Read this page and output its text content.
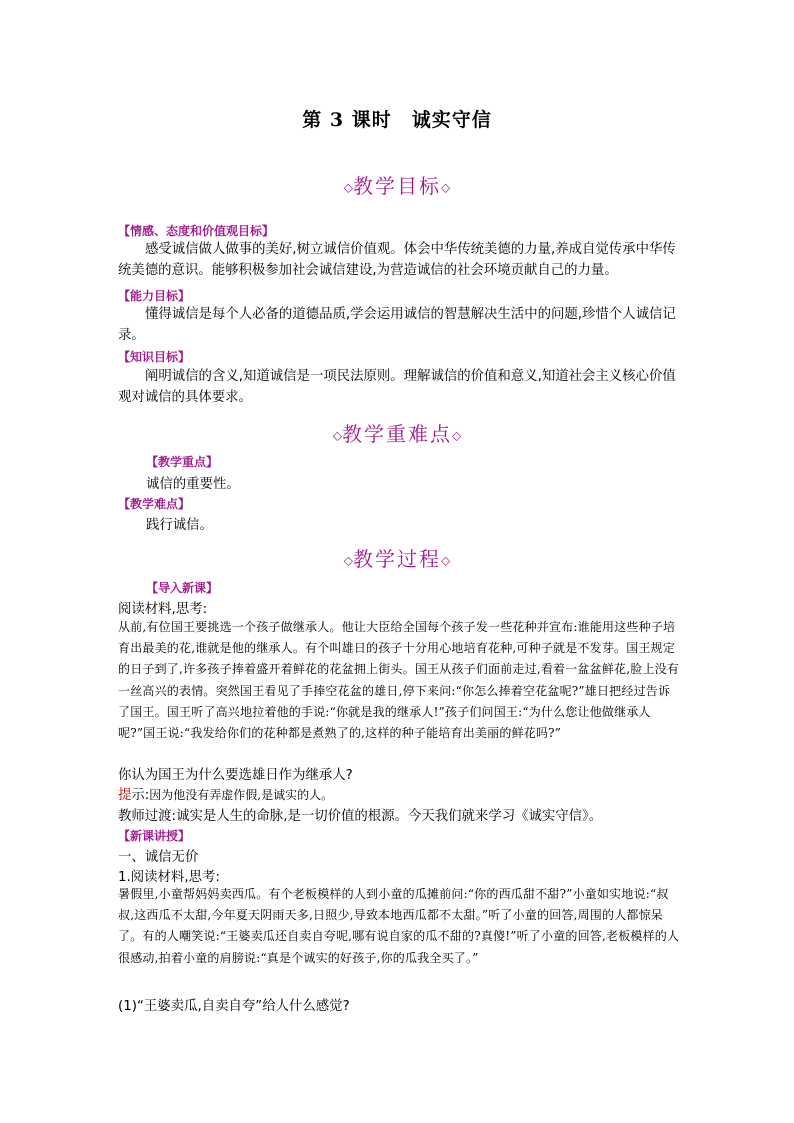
第 3 课时　诚实守信
◇教学目标◇
【情感、态度和价值观目标】
感受诚信做人做事的美好,树立诚信价值观。体会中华传统美德的力量,养成自觉传承中华传统美德的意识。能够积极参加社会诚信建设,为营造诚信的社会环境贡献自己的力量。
【能力目标】
懂得诚信是每个人必备的道德品质,学会运用诚信的智慧解决生活中的问题,珍惜个人诚信记录。
【知识目标】
阐明诚信的含义,知道诚信是一项民法原则。理解诚信的价值和意义,知道社会主义核心价值观对诚信的具体要求。
◇教学重难点◇
【教学重点】
诚信的重要性。
【教学难点】
践行诚信。
◇教学过程◇
【导入新课】
阅读材料,思考:
从前,有位国王要挑选一个孩子做继承人。他让大臣给全国每个孩子发一些花种并宣布:谁能用这些种子培育出最美的花,谁就是他的继承人。有个叫雄日的孩子十分用心地培育花种,可种子就是不发芽。国王规定的日子到了,许多孩子捧着盛开着鲜花的花盆拥上街头。国王从孩子们面前走过,看着一盆盆鲜花,脸上没有一丝高兴的表情。突然国王看见了手捧空花盆的雄日,停下来问:“你怎么捧着空花盆呢?”雄日把经过告诉了国王。国王听了高兴地拉着他的手说:“你就是我的继承人!”孩子们问国王:“为什么您让他做继承人呢?”国王说:“我发给你们的花种都是煮熟了的,这样的种子能培育出美丽的鲜花吗?”
你认为国王为什么要选雄日作为继承人?
提示:因为他没有弄虚作假,是诚实的人。
教师过渡:诚实是人生的命脉,是一切价值的根源。今天我们就来学习《诚实守信》。
【新课讲授】
一、诚信无价
1.阅读材料,思考:
暑假里,小童帮妈妈卖西瓜。有个老板模样的人到小童的瓜摊前问:“你的西瓜甜不甜?”小童如实地说:“叔叔,这西瓜不太甜,今年夏天阴雨天多,日照少,导致本地西瓜都不太甜。”听了小童的回答,周围的人都惊呆了。有的人嘲笑说:“王婆卖瓜还自卖自夸呢,哪有说自家的瓜不甜的?真傻!”听了小童的回答,老板模样的人很感动,拍着小童的肩膀说:“真是个诚实的好孩子,你的瓜我全买了。”
(1)“王婆卖瓜,自卖自夸”给人什么感觉?
